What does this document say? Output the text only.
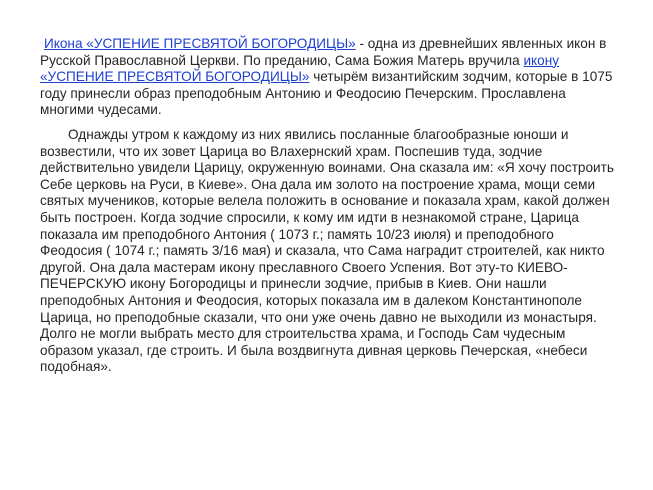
Икона «УСПЕНИЕ ПРЕСВЯТОЙ БОГОРОДИЦЫ» - одна из древнейших явленных икон в Русской Православной Церкви. По преданию, Сама Божия Матерь вручила икону «УСПЕНИЕ ПРЕСВЯТОЙ БОГОРОДИЦЫ» четырём византийским зодчим, которые в 1075 году принесли образ преподобным Антонию и Феодосию Печерским. Прославлена многими чудесами.

Однажды утром к каждому из них явились посланные благообразные юноши и возвестили, что их зовет Царица во Влахернский храм. Поспешив туда, зодчие действительно увидели Царицу, окруженную воинами. Она сказала им: «Я хочу построить Себе церковь на Руси, в Киеве». Она дала им золото на построение храма, мощи семи святых мучеников, которые велела положить в основание и показала храм, какой должен быть построен. Когда зодчие спросили, к кому им идти в незнакомой стране, Царица показала им преподобного Антония ( 1073 г.; память 10/23 июля) и преподобного Феодосия ( 1074 г.; память 3/16 мая) и сказала, что Сама наградит строителей, как никто другой. Она дала мастерам икону преславного Своего Успения. Вот эту-то КИЕВО-ПЕЧЕРСКУЮ икону Богородицы и принесли зодчие, прибыв в Киев. Они нашли преподобных Антония и Феодосия, которых показала им в далеком Константинополе Царица, но преподобные сказали, что они уже очень давно не выходили из монастыря. Долго не могли выбрать место для строительства храма, и Господь Сам чудесным образом указал, где строить. И была воздвигнута дивная церковь Печерская, «небеси подобная».
